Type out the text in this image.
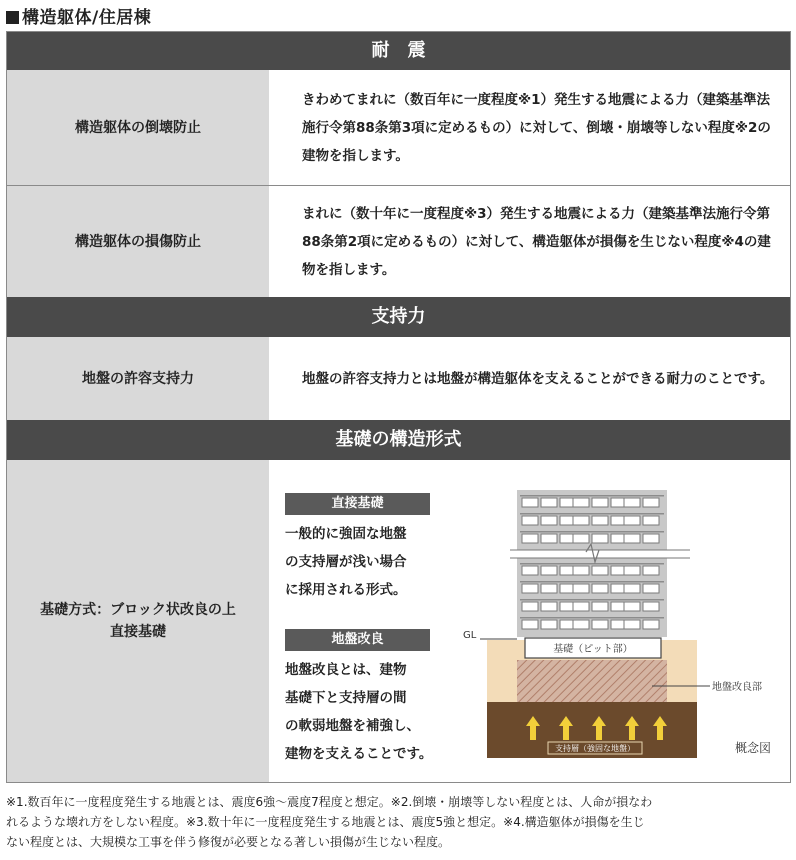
構造躯体/住居棟
耐　震
構造躯体の倒壊防止
きわめてまれに（数百年に一度程度※1）発生する地震による力（建築基準法施行令第88条第3項に定めるもの）に対して、倒壊・崩壊等しない程度※2の建物を指します。
構造躯体の損傷防止
まれに（数十年に一度程度※3）発生する地震による力（建築基準法施行令第88条第2項に定めるもの）に対して、構造躯体が損傷を生じない程度※4の建物を指します。
支持力
地盤の許容支持力	地盤の許容支持力とは地盤が構造躯体を支えることができる耐力のことです。
基礎の構造形式
基礎方式：ブロック状改良の上
直接基礎
直接基礎
一般的に強固な地盤
の支持層が浅い場合
に採用される形式。
地盤改良
地盤改良とは、建物
基礎下と支持層の間
の軟弱地盤を補強し、
建物を支えることです。	支持層（強固な地盤）
基礎（ピット部）
GL
地盤改良部
概念図
※1.数百年に一度程度発生する地震とは、震度6強～震度7程度と想定。※2.倒壊・崩壊等しない程度とは、人命が損なわ
れるような壊れ方をしない程度。※3.数十年に一度程度発生する地震とは、震度5強と想定。※4.構造躯体が損傷を生じ
ない程度とは、大規模な工事を伴う修復が必要となる著しい損傷が生じない程度。
